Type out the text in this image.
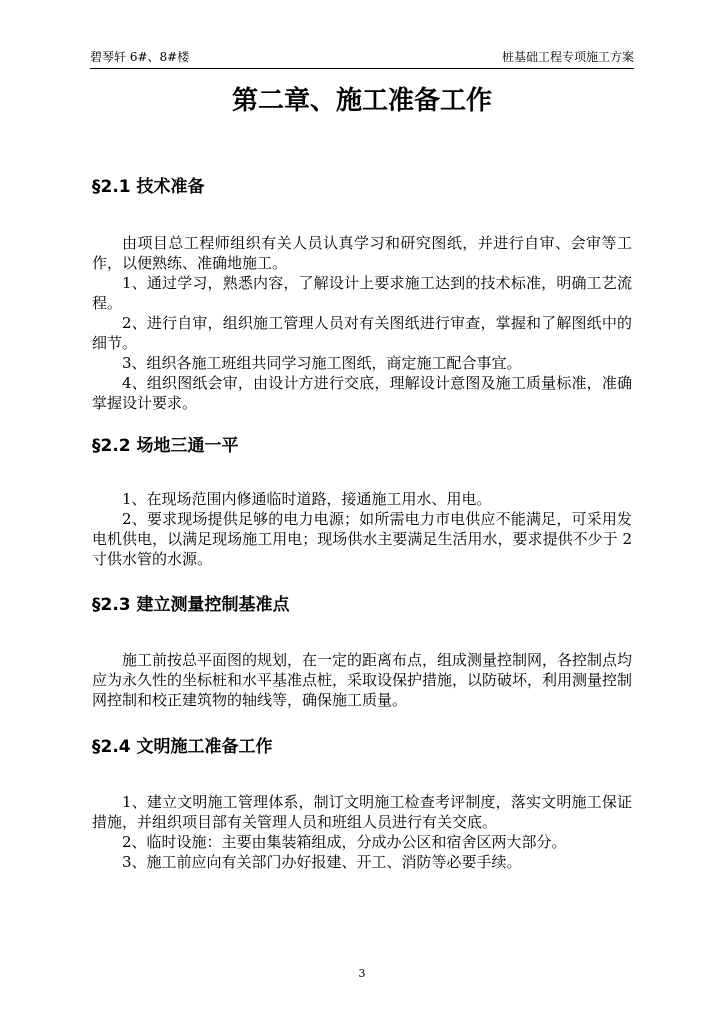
碧琴轩 6#、8#楼	桩基础工程专项施工方案
第二章、施工准备工作
§2.1 技术准备

由项目总工程师组织有关人员认真学习和研究图纸，并进行自审、会审等工作，以便熟练、准确地施工。

1、通过学习，熟悉内容，了解设计上要求施工达到的技术标准，明确工艺流程。

2、进行自审，组织施工管理人员对有关图纸进行审查，掌握和了解图纸中的细节。

3、组织各施工班组共同学习施工图纸，商定施工配合事宜。

4、组织图纸会审，由设计方进行交底，理解设计意图及施工质量标准，准确掌握设计要求。

§2.2 场地三通一平

1、在现场范围内修通临时道路，接通施工用水、用电。

2、要求现场提供足够的电力电源；如所需电力市电供应不能满足，可采用发电机供电，以满足现场施工用电；现场供水主要满足生活用水，要求提供不少于 2 寸供水管的水源。

§2.3 建立测量控制基准点

施工前按总平面图的规划，在一定的距离布点，组成测量控制网，各控制点均应为永久性的坐标桩和水平基准点桩，采取设保护措施，以防破坏，利用测量控制网控制和校正建筑物的轴线等，确保施工质量。

§2.4 文明施工准备工作

1、建立文明施工管理体系，制订文明施工检查考评制度，落实文明施工保证措施，并组织项目部有关管理人员和班组人员进行有关交底。

2、临时设施：主要由集装箱组成，分成办公区和宿舍区两大部分。

3、施工前应向有关部门办好报建、开工、消防等必要手续。

3
